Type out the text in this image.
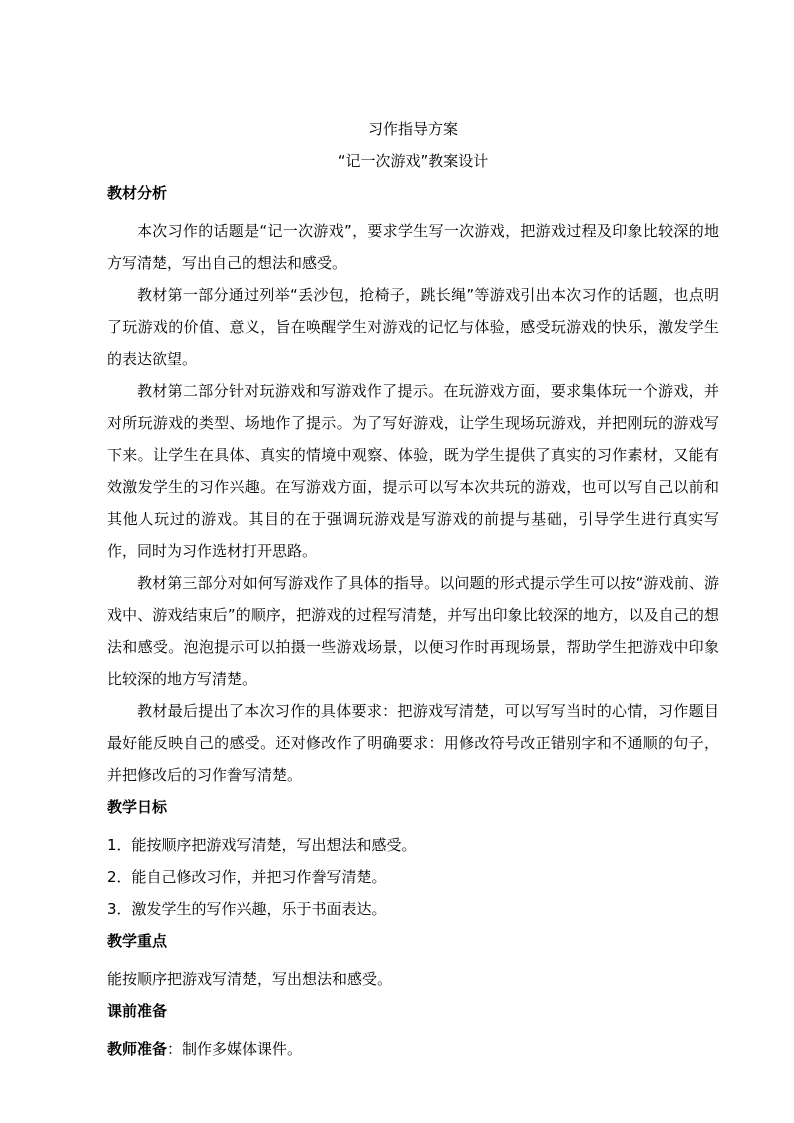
习作指导方案
“记一次游戏”教案设计
教材分析

本次习作的话题是“记一次游戏”，要求学生写一次游戏，把游戏过程及印象比较深的地方写清楚，写出自己的想法和感受。

教材第一部分通过列举“丢沙包，抢椅子，跳长绳”等游戏引出本次习作的话题，也点明了玩游戏的价值、意义，旨在唤醒学生对游戏的记忆与体验，感受玩游戏的快乐，激发学生的表达欲望。

教材第二部分针对玩游戏和写游戏作了提示。在玩游戏方面，要求集体玩一个游戏，并对所玩游戏的类型、场地作了提示。为了写好游戏，让学生现场玩游戏，并把刚玩的游戏写下来。让学生在具体、真实的情境中观察、体验，既为学生提供了真实的习作素材，又能有效激发学生的习作兴趣。在写游戏方面，提示可以写本次共玩的游戏，也可以写自己以前和其他人玩过的游戏。其目的在于强调玩游戏是写游戏的前提与基础，引导学生进行真实写作，同时为习作选材打开思路。

教材第三部分对如何写游戏作了具体的指导。以问题的形式提示学生可以按“游戏前、游戏中、游戏结束后”的顺序，把游戏的过程写清楚，并写出印象比较深的地方，以及自己的想法和感受。泡泡提示可以拍摄一些游戏场景，以便习作时再现场景，帮助学生把游戏中印象比较深的地方写清楚。

教材最后提出了本次习作的具体要求：把游戏写清楚，可以写写当时的心情，习作题目最好能反映自己的感受。还对修改作了明确要求：用修改符号改正错别字和不通顺的句子，并把修改后的习作誊写清楚。

教学日标

1．能按顺序把游戏写清楚，写出想法和感受。

2．能自己修改习作，并把习作誊写清楚。

3．激发学生的写作兴趣，乐于书面表达。

教学重点

能按顺序把游戏写清楚，写出想法和感受。

课前准备

教师准备：制作多媒体课件。
